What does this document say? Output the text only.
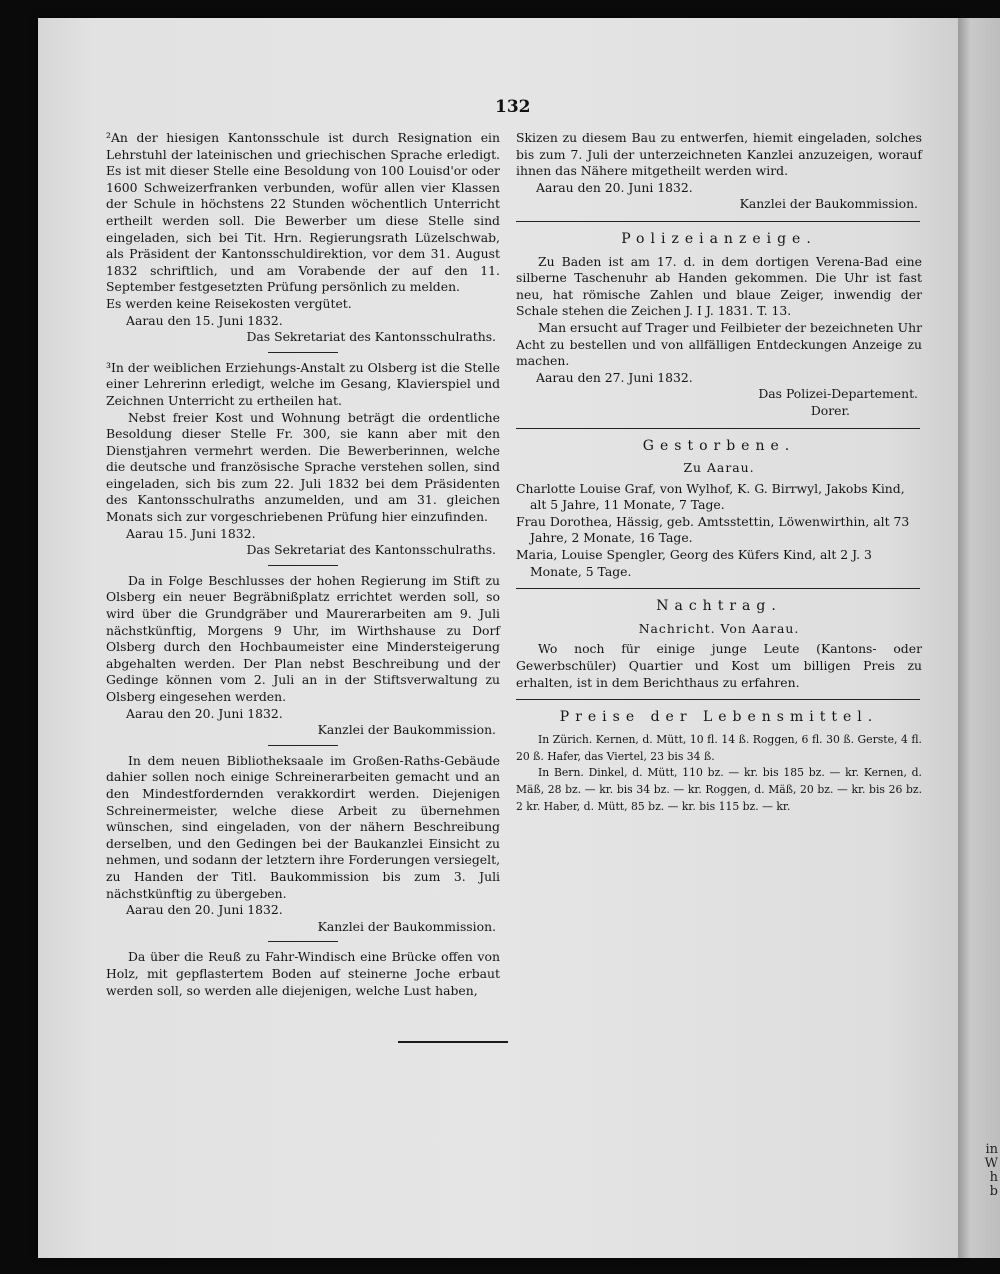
in
W
h
b
132

²An der hiesigen Kantonsschule ist durch Resignation ein Lehrstuhl der lateinischen und griechischen Sprache erledigt. Es ist mit dieser Stelle eine Besoldung von 100 Louisd'or oder 1600 Schweizerfranken verbunden, wofür allen vier Klassen der Schule in höchstens 22 Stunden wöchentlich Unterricht ertheilt werden soll. Die Bewerber um diese Stelle sind eingeladen, sich bei Tit. Hrn. Regierungsrath Lüzelschwab, als Präsident der Kantonsschuldirektion, vor dem 31. August 1832 schriftlich, und am Vorabende der auf den 11. September festgesetzten Prüfung persönlich zu melden.

Es werden keine Reisekosten vergütet.

Aarau den 15. Juni 1832.

Das Sekretariat des Kantonsschulraths.

³In der weiblichen Erziehungs-Anstalt zu Olsberg ist die Stelle einer Lehrerinn erledigt, welche im Gesang, Klavierspiel und Zeichnen Unterricht zu ertheilen hat.

Nebst freier Kost und Wohnung beträgt die ordentliche Besoldung dieser Stelle Fr. 300, sie kann aber mit den Dienstjahren vermehrt werden. Die Bewerberinnen, welche die deutsche und französische Sprache verstehen sollen, sind eingeladen, sich bis zum 22. Juli 1832 bei dem Präsidenten des Kantonsschulraths anzumelden, und am 31. gleichen Monats sich zur vorgeschriebenen Prüfung hier einzufinden.

Aarau 15. Juni 1832.

Das Sekretariat des Kantonsschulraths.

Da in Folge Beschlusses der hohen Regierung im Stift zu Olsberg ein neuer Begräbnißplatz errichtet werden soll, so wird über die Grundgräber und Maurerarbeiten am 9. Juli nächstkünftig, Morgens 9 Uhr, im Wirthshause zu Dorf Olsberg durch den Hochbaumeister eine Mindersteigerung abgehalten werden. Der Plan nebst Beschreibung und der Gedinge können vom 2. Juli an in der Stiftsverwaltung zu Olsberg eingesehen werden.

Aarau den 20. Juni 1832.

Kanzlei der Baukommission.

In dem neuen Bibliotheksaale im Großen-Raths-Gebäude dahier sollen noch einige Schreinerarbeiten gemacht und an den Mindestfordernden verakkordirt werden. Diejenigen Schreinermeister, welche diese Arbeit zu übernehmen wünschen, sind eingeladen, von der nähern Beschreibung derselben, und den Gedingen bei der Baukanzlei Einsicht zu nehmen, und sodann der letztern ihre Forderungen versiegelt, zu Handen der Titl. Baukommission bis zum 3. Juli nächstkünftig zu übergeben.

Aarau den 20. Juni 1832.

Kanzlei der Baukommission.

Da über die Reuß zu Fahr-Windisch eine Brücke offen von Holz, mit gepflastertem Boden auf steinerne Joche erbaut werden soll, so werden alle diejenigen, welche Lust haben,

Skizen zu diesem Bau zu entwerfen, hiemit eingeladen, solches bis zum 7. Juli der unterzeichneten Kanzlei anzuzeigen, worauf ihnen das Nähere mitgetheilt werden wird.

Aarau den 20. Juni 1832.

Kanzlei der Baukommission.

Polizeianzeige.

Zu Baden ist am 17. d. in dem dortigen Verena-Bad eine silberne Taschenuhr ab Handen gekommen. Die Uhr ist fast neu, hat römische Zahlen und blaue Zeiger, inwendig der Schale stehen die Zeichen J. I J. 1831. T. 13.

Man ersucht auf Trager und Feilbieter der bezeichneten Uhr Acht zu bestellen und von allfälligen Entdeckungen Anzeige zu machen.

Aarau den 27. Juni 1832.

Das Polizei-Departement.

Dorer.

Gestorbene.

Zu Aarau.

Charlotte Louise Graf, von Wylhof, K. G. Birrwyl, Jakobs Kind, alt 5 Jahre, 11 Monate, 7 Tage.

Frau Dorothea, Hässig, geb. Amtsstettin, Löwenwirthin, alt 73 Jahre, 2 Monate, 16 Tage.

Maria, Louise Spengler, Georg des Küfers Kind, alt 2 J. 3 Monate, 5 Tage.

Nachtrag.

Nachricht. Von Aarau.

Wo noch für einige junge Leute (Kantons- oder Gewerbschüler) Quartier und Kost um billigen Preis zu erhalten, ist in dem Berichthaus zu erfahren.

Preise der Lebensmittel.

In Zürich. Kernen, d. Mütt, 10 fl. 14 ß. Roggen, 6 fl. 30 ß. Gerste, 4 fl. 20 ß. Hafer, das Viertel, 23 bis 34 ß.

In Bern. Dinkel, d. Mütt, 110 bz. — kr. bis 185 bz. — kr. Kernen, d. Mäß, 28 bz. — kr. bis 34 bz. — kr. Roggen, d. Mäß, 20 bz. — kr. bis 26 bz. 2 kr. Haber, d. Mütt, 85 bz. — kr. bis 115 bz. — kr.
